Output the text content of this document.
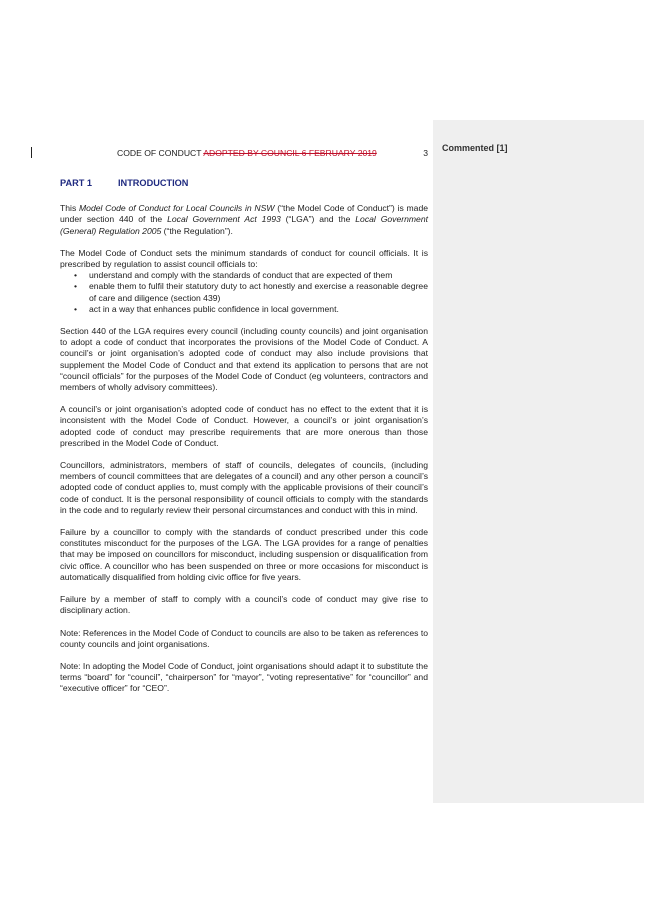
Commented [1]
CODE OF CONDUCT ADOPTED BY COUNCIL 6 FEBRUARY 2019	3
PART 1	INTRODUCTION

This Model Code of Conduct for Local Councils in NSW (“the Model Code of Conduct”) is made under section 440 of the Local Government Act 1993 (“LGA”) and the Local Government (General) Regulation 2005 (“the Regulation”).

The Model Code of Conduct sets the minimum standards of conduct for council officials. It is prescribed by regulation to assist council officials to:

• understand and comply with the standards of conduct that are expected of them
• enable them to fulfil their statutory duty to act honestly and exercise a reasonable degree of care and diligence (section 439)
• act in a way that enhances public confidence in local government.

Section 440 of the LGA requires every council (including county councils) and joint organisation to adopt a code of conduct that incorporates the provisions of the Model Code of Conduct. A council’s or joint organisation’s adopted code of conduct may also include provisions that supplement the Model Code of Conduct and that extend its application to persons that are not “council officials” for the purposes of the Model Code of Conduct (eg volunteers, contractors and members of wholly advisory committees).

A council’s or joint organisation’s adopted code of conduct has no effect to the extent that it is inconsistent with the Model Code of Conduct. However, a council’s or joint organisation’s adopted code of conduct may prescribe requirements that are more onerous than those prescribed in the Model Code of Conduct.

Councillors, administrators, members of staff of councils, delegates of councils, (including members of council committees that are delegates of a council) and any other person a council’s adopted code of conduct applies to, must comply with the applicable provisions of their council’s code of conduct. It is the personal responsibility of council officials to comply with the standards in the code and to regularly review their personal circumstances and conduct with this in mind.

Failure by a councillor to comply with the standards of conduct prescribed under this code constitutes misconduct for the purposes of the LGA. The LGA provides for a range of penalties that may be imposed on councillors for misconduct, including suspension or disqualification from civic office. A councillor who has been suspended on three or more occasions for misconduct is automatically disqualified from holding civic office for five years.

Failure by a member of staff to comply with a council’s code of conduct may give rise to disciplinary action.

Note: References in the Model Code of Conduct to councils are also to be taken as references to county councils and joint organisations.

Note: In adopting the Model Code of Conduct, joint organisations should adapt it to substitute the terms “board” for “council”, “chairperson” for “mayor”, “voting representative” for “councillor” and “executive officer” for “CEO”.
